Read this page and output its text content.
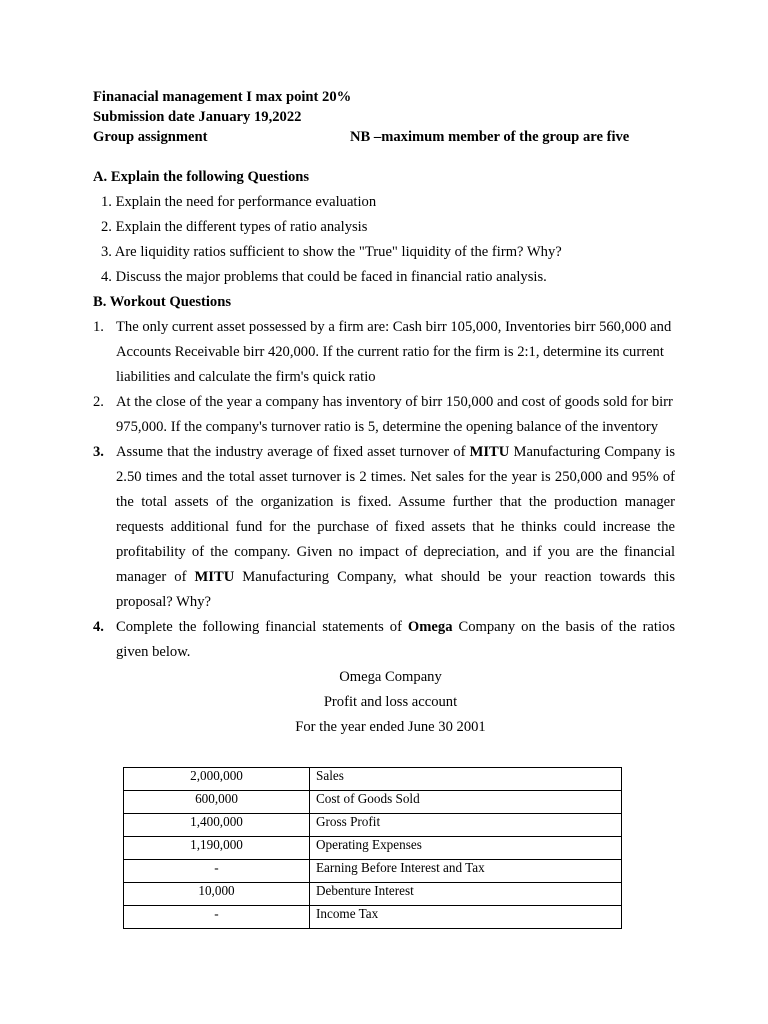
Finanacial management I max point 20%
Submission date January 19,2022
Group assignment	NB –maximum member of the group are five
A. Explain the following Questions
1. Explain the need for performance evaluation
2. Explain the different types of ratio analysis
3. Are liquidity ratios sufficient to show the "True" liquidity of the firm? Why?
4. Discuss the major problems that could be faced in financial ratio analysis.
B. Workout Questions
1. The only current asset possessed by a firm are: Cash birr 105,000, Inventories birr 560,000 and Accounts Receivable birr 420,000. If the current ratio for the firm is 2:1, determine its current liabilities and calculate the firm's quick ratio
2. At the close of the year a company has inventory of birr 150,000 and cost of goods sold for birr 975,000. If the company's turnover ratio is 5, determine the opening balance of the inventory
3. Assume that the industry average of fixed asset turnover of MITU Manufacturing Company is 2.50 times and the total asset turnover is 2 times. Net sales for the year is 250,000 and 95% of the total assets of the organization is fixed. Assume further that the production manager requests additional fund for the purchase of fixed assets that he thinks could increase the profitability of the company. Given no impact of depreciation, and if you are the financial manager of MITU Manufacturing Company, what should be your reaction towards this proposal? Why?
4. Complete the following financial statements of Omega Company on the basis of the ratios given below.
Omega Company
Profit and loss account
For the year ended June 30 2001
2,000,000	Sales
600,000	Cost of Goods Sold
1,400,000	Gross Profit
1,190,000	Operating Expenses
-	Earning Before Interest and Tax
10,000	Debenture Interest
-	Income Tax
